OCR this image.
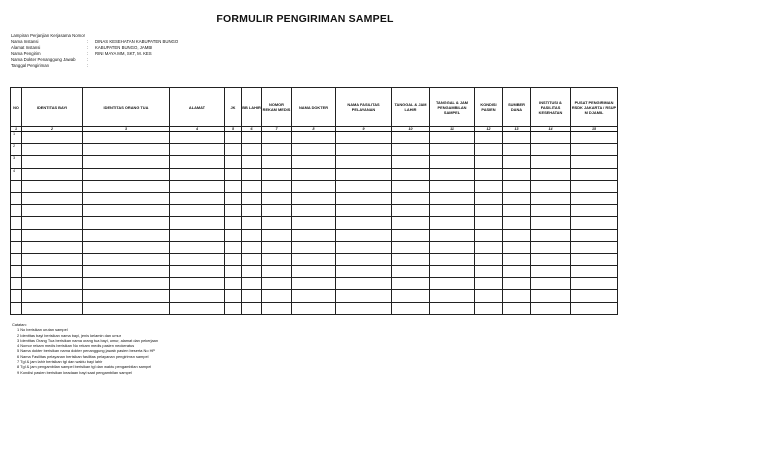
FORMULIR PENGIRIMAN SAMPEL
Lampiran Perjanjian Kerjasama Nomor
Nama Instansi	: DINAS KESEHATAN KABUPATEN BUNGO
Alamat Instansi	: KABUPATEN BUNGO, JAMBI
Nama Pengirim	: RINI MAYA MM, SKT, M. KES
Nama Dokter Penanggung Jawab	:
Tanggal Pengiriman	:
NO	IDENTITAS BAYI	IDENTITAS ORANG TUA	ALAMAT	JK	BB LAHIR	NOMOR REKAM MEDIS	NAMA DOKTER	NAMA FASILITAS PELAYANAN	TANGGAL & JAM LAHIR	TANGGAL & JAM PENGAMBILAN SAMPEL	KONDISI PASIEN	SUMBER DANA	INSTITUSI & FASILITAS KESEHATAN	PUSAT PENGIRIMAN RSDK JAKARTA / RSUP M DJAMIL
1	2	3	4	5	6	7	8	9	10	11	12	13	14	15
1														
2														
3														
4														

Catatan:
1 No berisikan urutan sampel
2 Identitas bayi berisikan nama bayi, jenis kelamin dan umur
3 Identitas Orang Tua berisikan nama orang tua bayi, umur, alamat dan pekerjaan
4 Nomor rekam medis berisikan No rekam medis pasien neokeratus
5 Nama dokter berisikan nama dokter penanggung jawab pasien beserta No HP
6 Nama Fasilitas pelayanan berisikan fasilitas pelayanan pengirimsn sampel
7 Tgl & jam lahir berisikan tgl dan waktu bayi lahir
8 Tgl & jam pengambilan sampel berisikan tgl dan waktu pengambilan sampel
9 Kondisi pasien berisikan keadaan bayi saat pengambilan sampel
